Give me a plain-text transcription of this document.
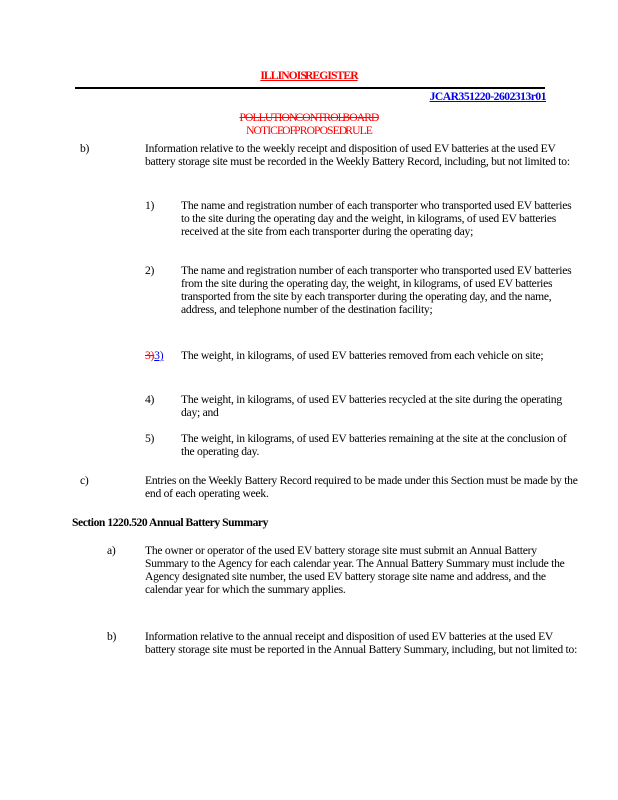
ILLINOIS REGISTER
JCAR351220-2602313r01
POLLUTION CONTROL BOARD
NOTICE OF PROPOSED RULE
b)	Information relative to the weekly receipt and disposition of used EV batteries at the used EV battery storage site must be recorded in the Weekly Battery Record, including, but not limited to:
1) The name and registration number of each transporter who transported used EV batteries to the site during the operating day and the weight, in kilograms, of used EV batteries received at the site from each transporter during the operating day;
2) The name and registration number of each transporter who transported used EV batteries from the site during the operating day, the weight, in kilograms, of used EV batteries transported from the site by each transporter during the operating day, and the name, address, and telephone number of the destination facility;
3)3) The weight, in kilograms, of used EV batteries removed from each vehicle on site;
4) The weight, in kilograms, of used EV batteries recycled at the site during the operating day; and
5) The weight, in kilograms, of used EV batteries remaining at the site at the conclusion of the operating day.
c)	Entries on the Weekly Battery Record required to be made under this Section must be made by the end of each operating week.
Section 1220.520 Annual Battery Summary
a)	The owner or operator of the used EV battery storage site must submit an Annual Battery Summary to the Agency for each calendar year. The Annual Battery Summary must include the Agency designated site number, the used EV battery storage site name and address, and the calendar year for which the summary applies.
b) Information relative to the annual receipt and disposition of used EV batteries at the used EV battery storage site must be reported in the Annual Battery Summary, including, but not limited to:
